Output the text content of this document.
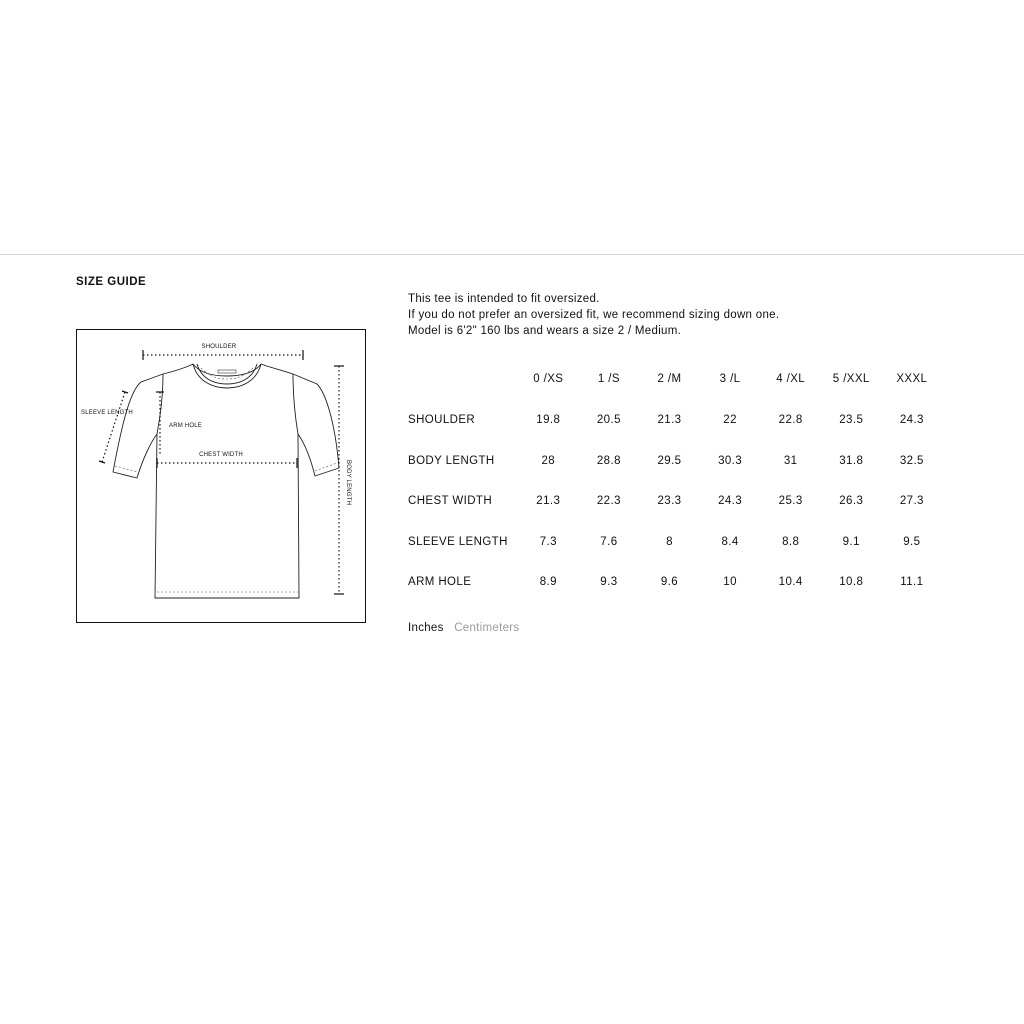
SIZE GUIDE
SHOULDER
SLEEVE LENGTH
ARM HOLE
CHEST WIDTH
BODY LENGTH
This tee is intended to fit oversized.
If you do not prefer an oversized fit, we recommend sizing down one.
Model is 6'2" 160 lbs and wears a size 2 / Medium.
	0 /XS	1 /S	2 /M	3 /L	4 /XL	5 /XXL	XXXL
SHOULDER	19.8	20.5	21.3	22	22.8	23.5	24.3
BODY LENGTH	28	28.8	29.5	30.3	31	31.8	32.5
CHEST WIDTH	21.3	22.3	23.3	24.3	25.3	26.3	27.3
SLEEVE LENGTH	7.3	7.6	8	8.4	8.8	9.1	9.5
ARM HOLE	8.9	9.3	9.6	10	10.4	10.8	11.1
Inches Centimeters
